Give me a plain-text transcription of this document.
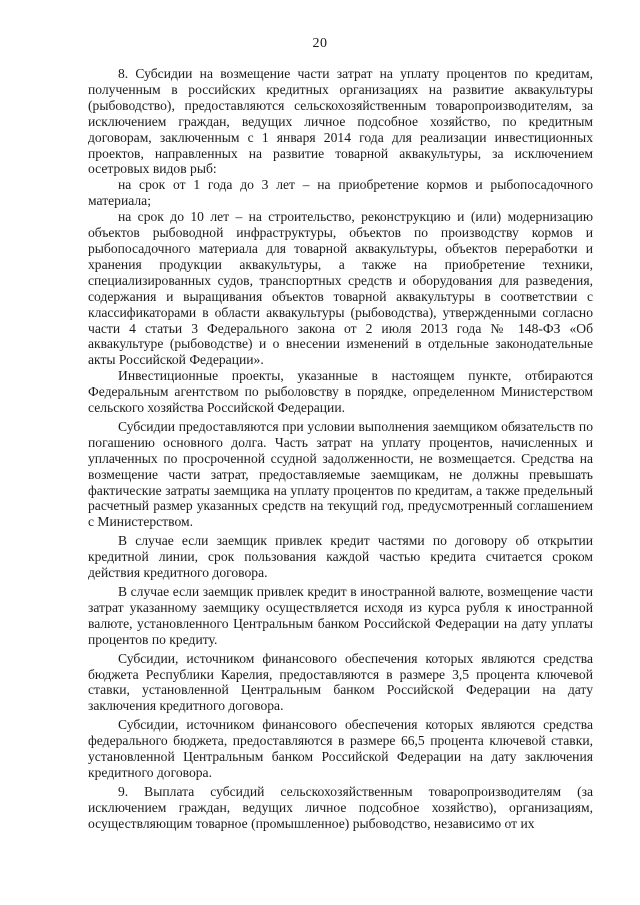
20

8. Субсидии на возмещение части затрат на уплату процентов по кредитам, полученным в российских кредитных организациях на развитие аквакультуры (рыбоводство), предоставляются сельскохозяйственным товаропроизводителям, за исключением граждан, ведущих личное подсобное хозяйство, по кредитным договорам, заключенным с 1 января 2014 года для реализации инвестиционных проектов, направленных на развитие товарной аквакультуры, за исключением осетровых видов рыб:

на срок от 1 года до 3 лет – на приобретение кормов и рыбопосадочного материала;

на срок до 10 лет – на строительство, реконструкцию и (или) модернизацию объектов рыбоводной инфраструктуры, объектов по производству кормов и рыбопосадочного материала для товарной аквакультуры, объектов переработки и хранения продукции аквакультуры, а также на приобретение техники, специализированных судов, транспортных средств и оборудования для разведения, содержания и выращивания объектов товарной аквакультуры в соответствии с классификаторами в области аквакультуры (рыбоводства), утвержденными согласно части 4 статьи 3 Федерального закона от 2 июля 2013 года № 148-ФЗ «Об аквакультуре (рыбоводстве) и о внесении изменений в отдельные законодательные акты Российской Федерации».

Инвестиционные проекты, указанные в настоящем пункте, отбираются Федеральным агентством по рыболовству в порядке, определенном Министерством сельского хозяйства Российской Федерации.

Субсидии предоставляются при условии выполнения заемщиком обязательств по погашению основного долга. Часть затрат на уплату процентов, начисленных и уплаченных по просроченной ссудной задолженности, не возмещается. Средства на возмещение части затрат, предоставляемые заемщикам, не должны превышать фактические затраты заемщика на уплату процентов по кредитам, а также предельный расчетный размер указанных средств на текущий год, предусмотренный соглашением с Министерством.

В случае если заемщик привлек кредит частями по договору об открытии кредитной линии, срок пользования каждой частью кредита считается сроком действия кредитного договора.

В случае если заемщик привлек кредит в иностранной валюте, возмещение части затрат указанному заемщику осуществляется исходя из курса рубля к иностранной валюте, установленного Центральным банком Российской Федерации на дату уплаты процентов по кредиту.

Субсидии, источником финансового обеспечения которых являются средства бюджета Республики Карелия, предоставляются в размере 3,5 процента ключевой ставки, установленной Центральным банком Российской Федерации на дату заключения кредитного договора.

Субсидии, источником финансового обеспечения которых являются средства федерального бюджета, предоставляются в размере 66,5 процента ключевой ставки, установленной Центральным банком Российской Федерации на дату заключения кредитного договора.

9. Выплата субсидий сельскохозяйственным товаропроизводителям (за исключением граждан, ведущих личное подсобное хозяйство), организациям, осуществляющим товарное (промышленное) рыбоводство, независимо от их
